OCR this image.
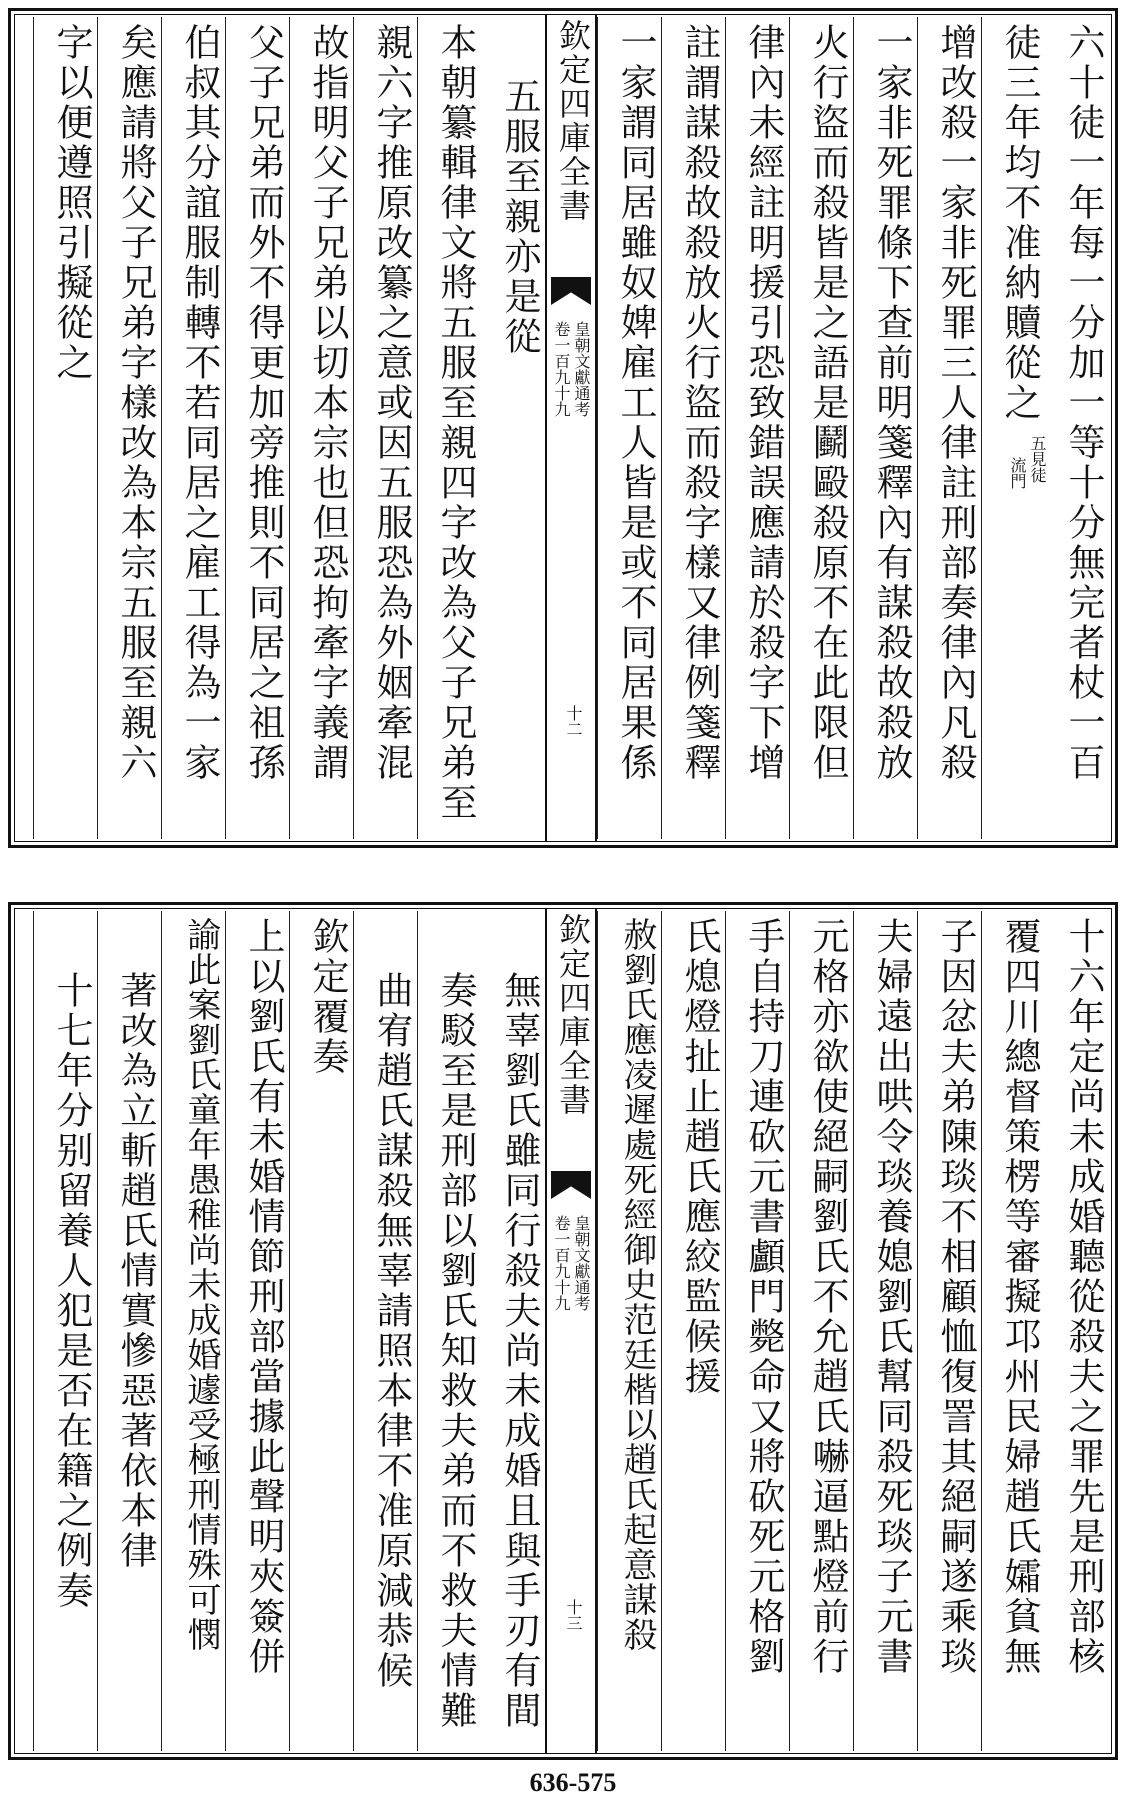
六十徒一年每一分加一等十分無完者杖一百
徒三年均不准納贖從之
五見徒
流門
增改殺一家非死罪三人律註刑部奏律內凡殺
一家非死罪條下查前明箋釋內有謀殺故殺放
火行盜而殺皆是之語是鬬毆殺原不在此限但
律內未經註明援引恐致錯誤應請於殺字下增
註謂謀殺故殺放火行盜而殺字樣又律例箋釋
一家謂同居雖奴婢雇工人皆是或不同居果係
欽定四庫全書
皇朝文獻通考
卷一百九十九
十二
五服至親亦是從
本朝纂輯律文將五服至親四字改為父子兄弟至
親六字推原改纂之意或因五服恐為外姻牽混
故指明父子兄弟以切本宗也但恐拘牽字義謂
父子兄弟而外不得更加旁推則不同居之祖孫
伯叔其分誼服制轉不若同居之雇工得為一家
矣應請將父子兄弟字樣改為本宗五服至親六
字以便遵照引擬從之
十六年定尚未成婚聽從殺夫之罪先是刑部核
覆四川總督策楞等審擬邛州民婦趙氏孀貧無
子因忿夫弟陳琰不相顧恤復詈其絕嗣遂乘琰
夫婦遠出哄令琰養媳劉氏幫同殺死琰子元書
元格亦欲使絕嗣劉氏不允趙氏嚇逼點燈前行
手自持刀連砍元書顱門斃命又將砍死元格劉
氏熄燈扯止趙氏應絞監候援
赦劉氏應凌遲處死經御史范廷楷以趙氏起意謀殺
欽定四庫全書
皇朝文獻通考
卷一百九十九
十三
無辜劉氏雖同行殺夫尚未成婚且與手刃有間
奏駁至是刑部以劉氏知救夫弟而不救夫情難
曲宥趙氏謀殺無辜請照本律不准原減恭候
欽定覆奏
上以劉氏有未婚情節刑部當據此聲明夾簽併
諭此案劉氏童年愚稚尚未成婚遽受極刑情殊可憫
著改為立斬趙氏情實慘惡著依本律
十七年分别留養人犯是否在籍之例奏
636-575
